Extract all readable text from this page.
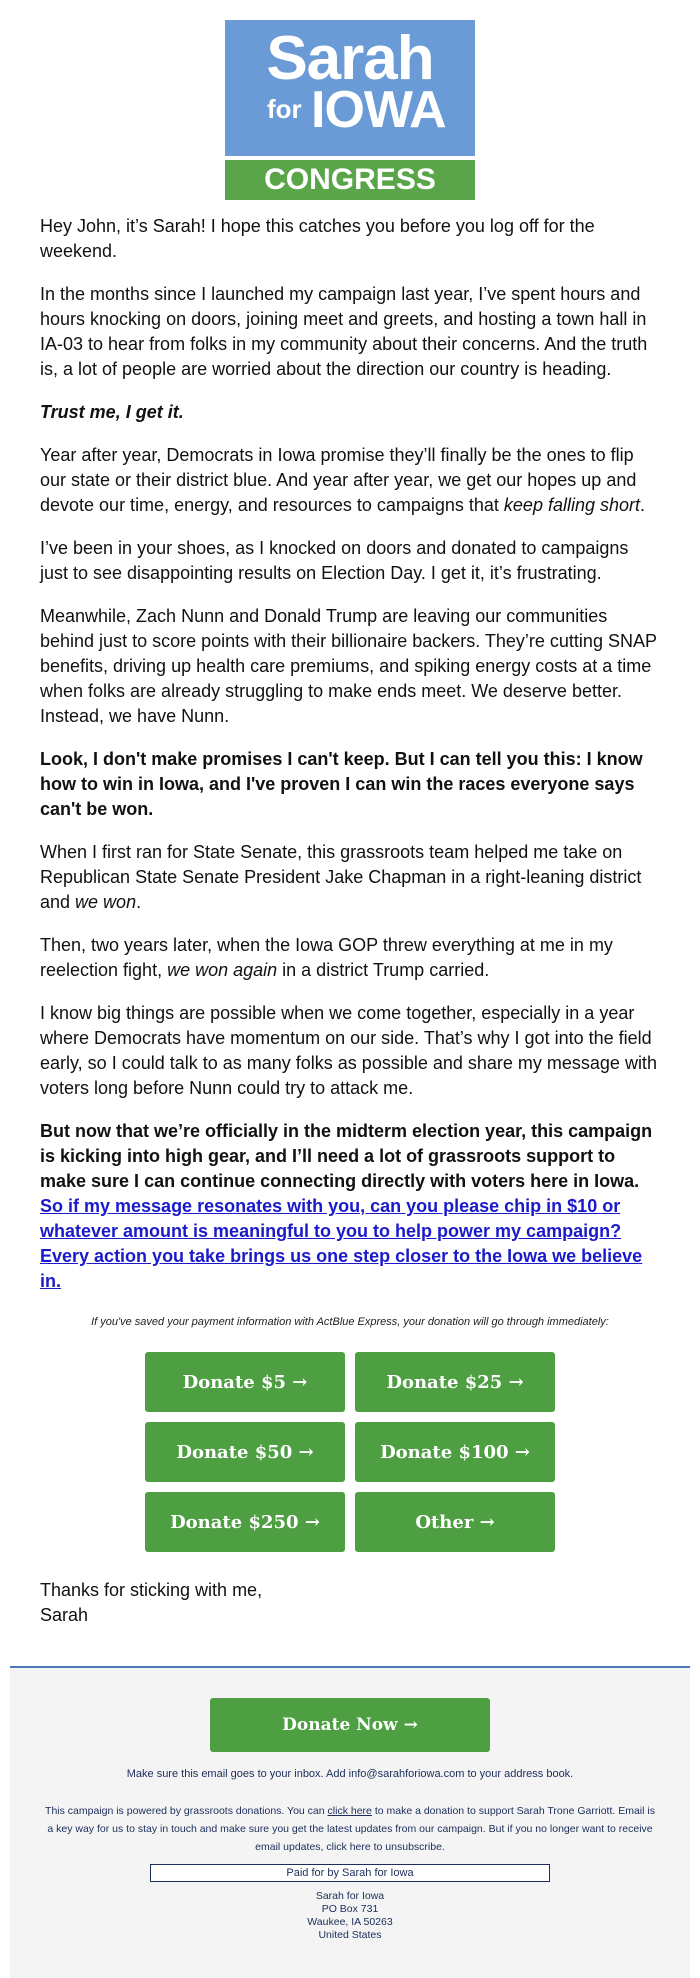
Sarah
for IOWA
CONGRESS

Hey John, it’s Sarah! I hope this catches you before you log off for the weekend.

In the months since I launched my campaign last year, I’ve spent hours and hours knocking on doors, joining meet and greets, and hosting a town hall in IA-03 to hear from folks in my community about their concerns. And the truth is, a lot of people are worried about the direction our country is heading.

Trust me, I get it.

Year after year, Democrats in Iowa promise they’ll finally be the ones to flip our state or their district blue. And year after year, we get our hopes up and devote our time, energy, and resources to campaigns that keep falling short.

I’ve been in your shoes, as I knocked on doors and donated to campaigns just to see disappointing results on Election Day. I get it, it’s frustrating.

Meanwhile, Zach Nunn and Donald Trump are leaving our communities behind just to score points with their billionaire backers. They’re cutting SNAP benefits, driving up health care premiums, and spiking energy costs at a time when folks are already struggling to make ends meet. We deserve better. Instead, we have Nunn.

Look, I don't make promises I can't keep. But I can tell you this: I know how to win in Iowa, and I've proven I can win the races everyone says can't be won.

When I first ran for State Senate, this grassroots team helped me take on Republican State Senate President Jake Chapman in a right-leaning district and we won.

Then, two years later, when the Iowa GOP threw everything at me in my reelection fight, we won again in a district Trump carried.

I know big things are possible when we come together, especially in a year where Democrats have momentum on our side. That’s why I got into the field early, so I could talk to as many folks as possible and share my message with voters long before Nunn could try to attack me.

But now that we’re officially in the midterm election year, this campaign is kicking into high gear, and I’ll need a lot of grassroots support to make sure I can continue connecting directly with voters here in Iowa.

So if my message resonates with you, can you please chip in $10 or whatever amount is meaningful to you to help power my campaign? Every action you take brings us one step closer to the Iowa we believe in.
If you've saved your payment information with ActBlue Express, your donation will go through immediately:
Donate $5 →	Donate $25 →
Donate $50 →	Donate $100 →
Donate $250 →	Other →
Thanks for sticking with me,
Sarah
Donate Now →
Make sure this email goes to your inbox. Add info@sarahforiowa.com to your address book.
This campaign is powered by grassroots donations. You can click here to make a donation to support Sarah Trone Garriott. Email is a key way for us to stay in touch and make sure you get the latest updates from our campaign. But if you no longer want to receive email updates, click here to unsubscribe.
Paid for by Sarah for Iowa
Sarah for Iowa
PO Box 731
Waukee, IA 50263
United States
